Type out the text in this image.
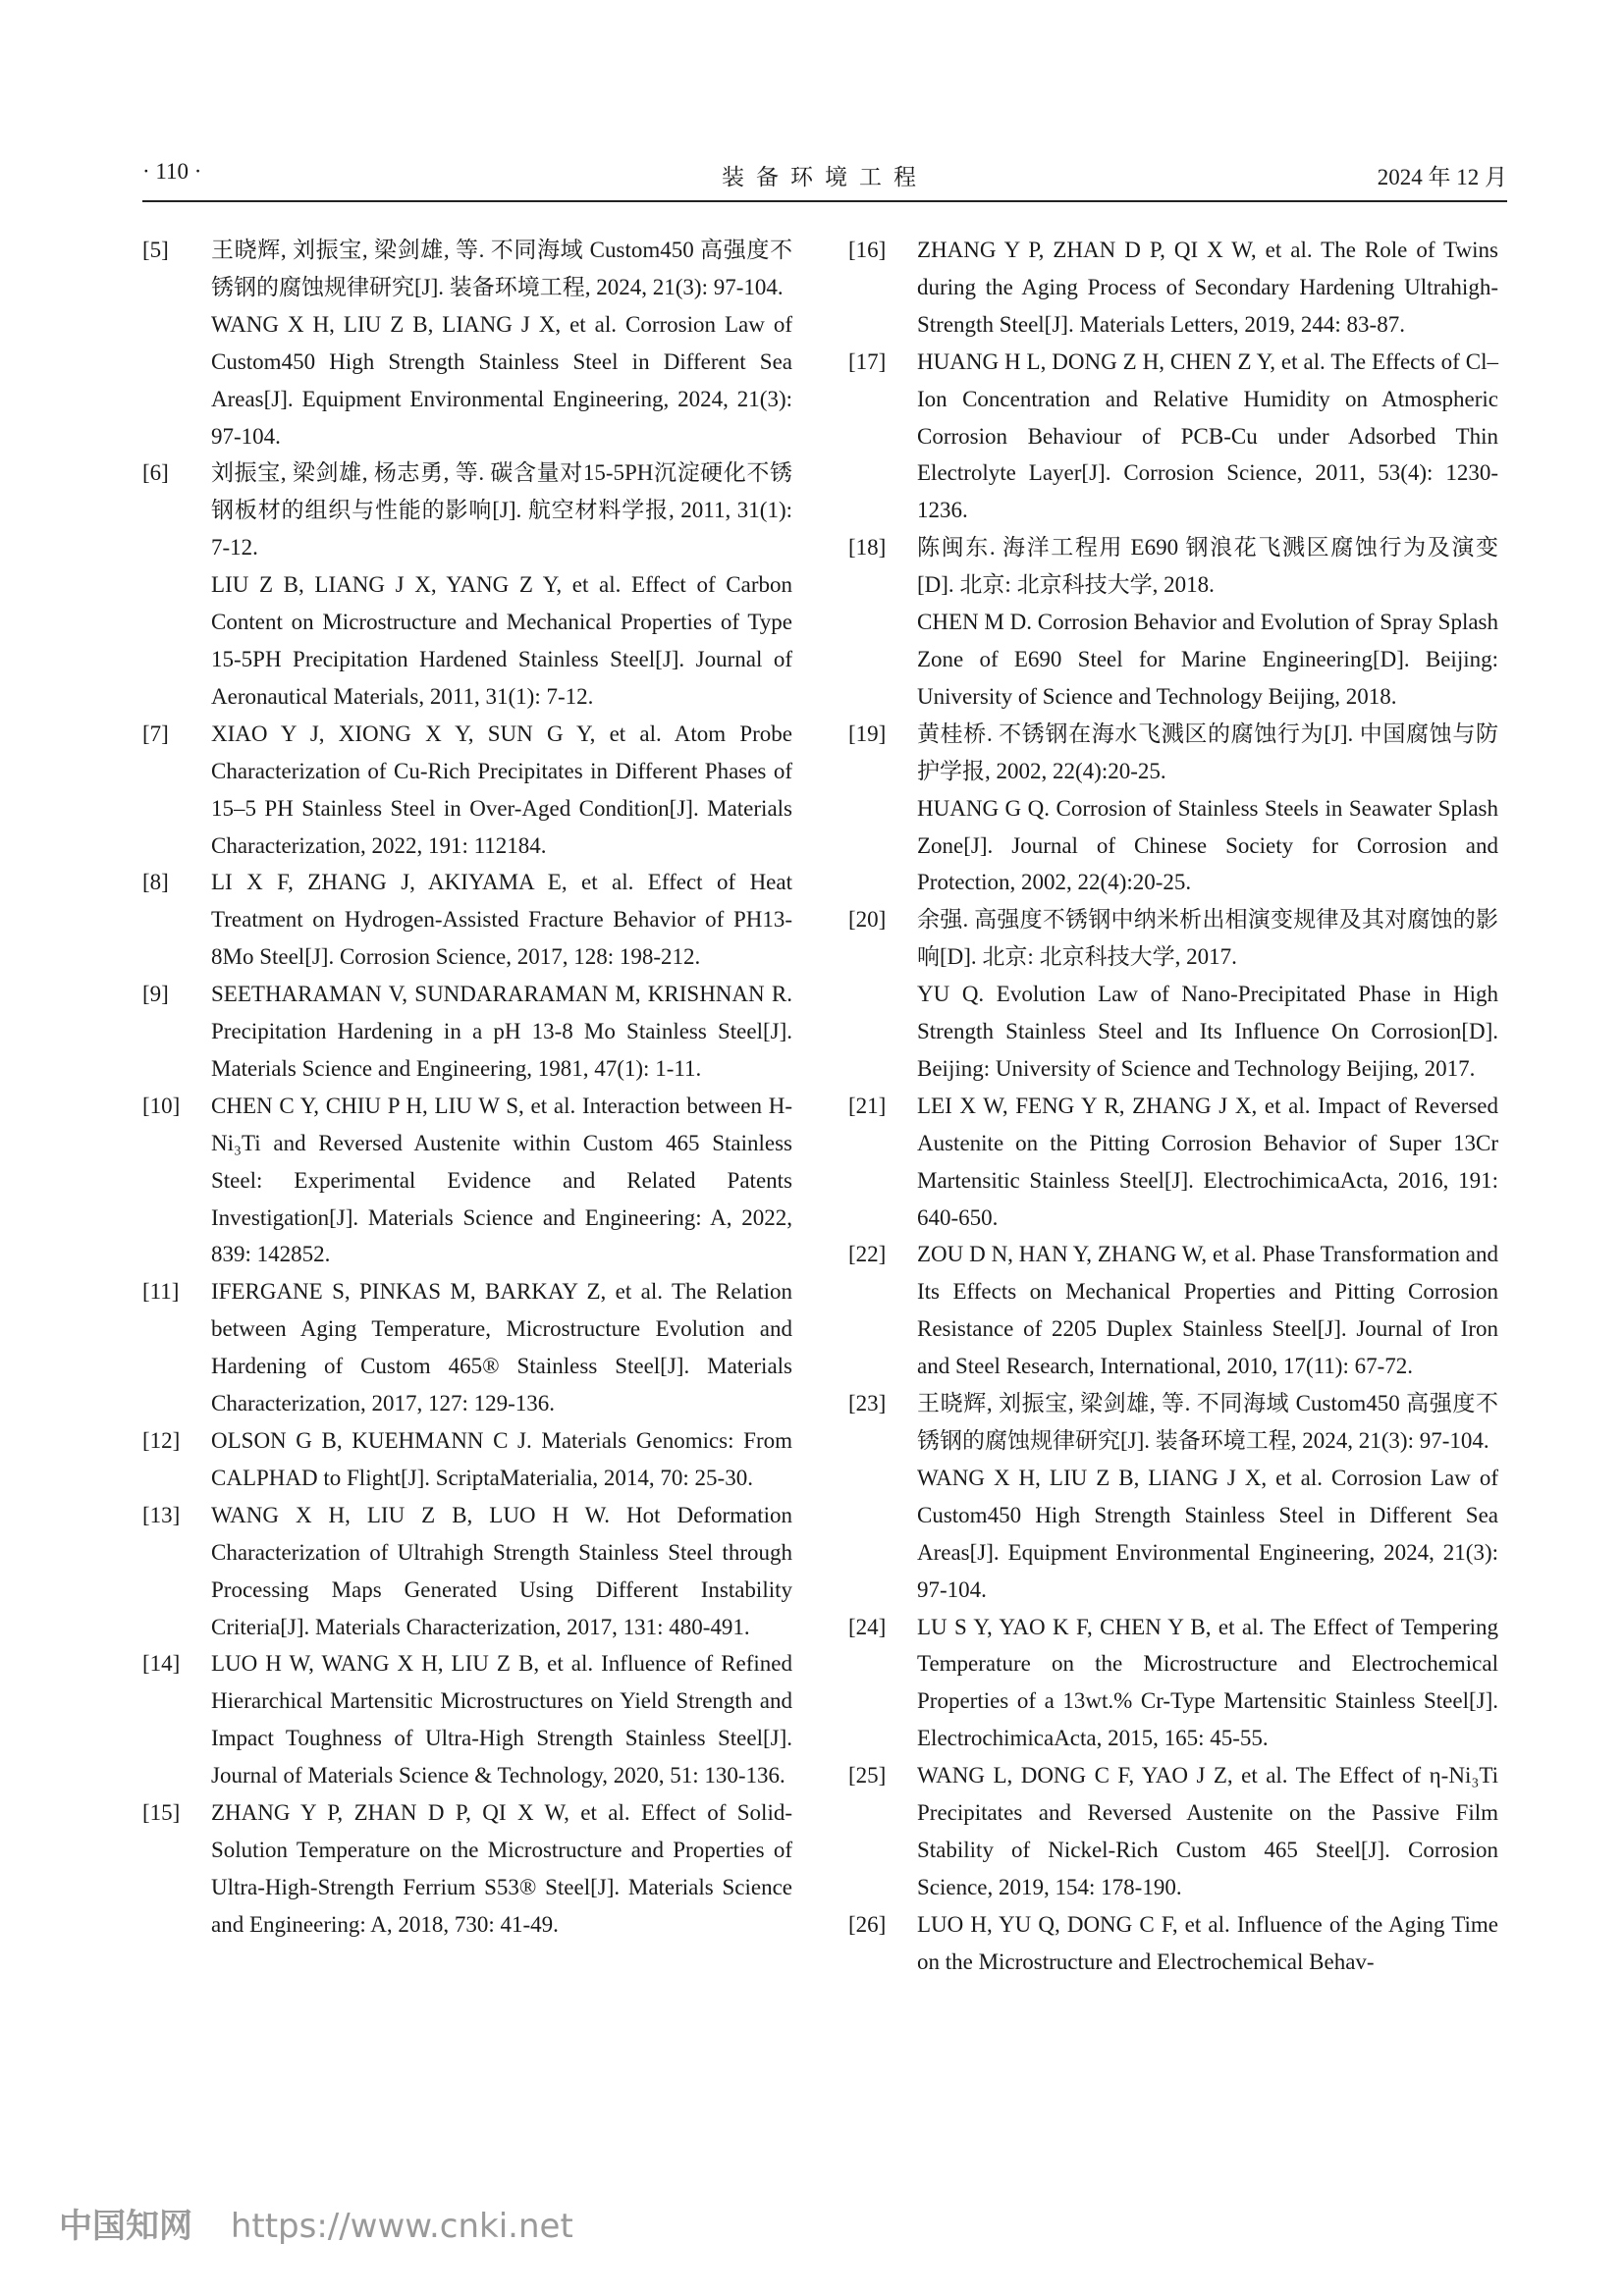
· 110 ·	装备环境工程	2024 年 12 月
[5] 王晓辉, 刘振宝, 梁剑雄, 等. 不同海域 Custom450 高强度不锈钢的腐蚀规律研究[J]. 装备环境工程, 2024, 21(3): 97-104.

WANG X H, LIU Z B, LIANG J X, et al. Corrosion Law of Custom450 High Strength Stainless Steel in Different Sea Areas[J]. Equipment Environmental Engineering, 2024, 21(3): 97-104.

[6] 刘振宝, 梁剑雄, 杨志勇, 等. 碳含量对15-5PH沉淀硬化不锈钢板材的组织与性能的影响[J]. 航空材料学报, 2011, 31(1): 7-12.

LIU Z B, LIANG J X, YANG Z Y, et al. Effect of Carbon Content on Microstructure and Mechanical Properties of Type 15-5PH Precipitation Hardened Stainless Steel[J]. Journal of Aeronautical Materials, 2011, 31(1): 7-12.

[7] XIAO Y J, XIONG X Y, SUN G Y, et al. Atom Probe Characterization of Cu-Rich Precipitates in Different Phases of 15–5 PH Stainless Steel in Over-Aged Condition[J]. Materials Characterization, 2022, 191: 112184.

[8] LI X F, ZHANG J, AKIYAMA E, et al. Effect of Heat Treatment on Hydrogen-Assisted Fracture Behavior of PH13-8Mo Steel[J]. Corrosion Science, 2017, 128: 198-212.

[9] SEETHARAMAN V, SUNDARARAMAN M, KRISHNAN R. Precipitation Hardening in a pH 13-8 Mo Stainless Steel[J]. Materials Science and Engineering, 1981, 47(1): 1-11.

[10] CHEN C Y, CHIU P H, LIU W S, et al. Interaction between H-Ni₃Ti and Reversed Austenite within Custom 465 Stainless Steel: Experimental Evidence and Related Patents Investigation[J]. Materials Science and Engineering: A, 2022, 839: 142852.

[11] IFERGANE S, PINKAS M, BARKAY Z, et al. The Relation between Aging Temperature, Microstructure Evolution and Hardening of Custom 465® Stainless Steel[J]. Materials Characterization, 2017, 127: 129-136.

[12] OLSON G B, KUEHMANN C J. Materials Genomics: From CALPHAD to Flight[J]. ScriptaMaterialia, 2014, 70: 25-30.

[13] WANG X H, LIU Z B, LUO H W. Hot Deformation Characterization of Ultrahigh Strength Stainless Steel through Processing Maps Generated Using Different Instability Criteria[J]. Materials Characterization, 2017, 131: 480-491.

[14] LUO H W, WANG X H, LIU Z B, et al. Influence of Refined Hierarchical Martensitic Microstructures on Yield Strength and Impact Toughness of Ultra-High Strength Stainless Steel[J]. Journal of Materials Science & Technology, 2020, 51: 130-136.

[15] ZHANG Y P, ZHAN D P, QI X W, et al. Effect of Solid-Solution Temperature on the Microstructure and Properties of Ultra-High-Strength Ferrium S53® Steel[J]. Materials Science and Engineering: A, 2018, 730: 41-49.

[16] ZHANG Y P, ZHAN D P, QI X W, et al. The Role of Twins during the Aging Process of Secondary Hardening Ultrahigh-Strength Steel[J]. Materials Letters, 2019, 244: 83-87.

[17] HUANG H L, DONG Z H, CHEN Z Y, et al. The Effects of Cl– Ion Concentration and Relative Humidity on Atmospheric Corrosion Behaviour of PCB-Cu under Adsorbed Thin Electrolyte Layer[J]. Corrosion Science, 2011, 53(4): 1230-1236.

[18] 陈闽东. 海洋工程用 E690 钢浪花飞溅区腐蚀行为及演变[D]. 北京: 北京科技大学, 2018.

CHEN M D. Corrosion Behavior and Evolution of Spray Splash Zone of E690 Steel for Marine Engineering[D]. Beijing: University of Science and Technology Beijing, 2018.

[19] 黄桂桥. 不锈钢在海水飞溅区的腐蚀行为[J]. 中国腐蚀与防护学报, 2002, 22(4):20-25.

HUANG G Q. Corrosion of Stainless Steels in Seawater Splash Zone[J]. Journal of Chinese Society for Corrosion and Protection, 2002, 22(4):20-25.

[20] 余强. 高强度不锈钢中纳米析出相演变规律及其对腐蚀的影响[D]. 北京: 北京科技大学, 2017.

YU Q. Evolution Law of Nano-Precipitated Phase in High Strength Stainless Steel and Its Influence On Corrosion[D]. Beijing: University of Science and Technology Beijing, 2017.

[21] LEI X W, FENG Y R, ZHANG J X, et al. Impact of Reversed Austenite on the Pitting Corrosion Behavior of Super 13Cr Martensitic Stainless Steel[J]. ElectrochimicaActa, 2016, 191: 640-650.

[22] ZOU D N, HAN Y, ZHANG W, et al. Phase Transformation and Its Effects on Mechanical Properties and Pitting Corrosion Resistance of 2205 Duplex Stainless Steel[J]. Journal of Iron and Steel Research, International, 2010, 17(11): 67-72.

[23] 王晓辉, 刘振宝, 梁剑雄, 等. 不同海域 Custom450 高强度不锈钢的腐蚀规律研究[J]. 装备环境工程, 2024, 21(3): 97-104.

WANG X H, LIU Z B, LIANG J X, et al. Corrosion Law of Custom450 High Strength Stainless Steel in Different Sea Areas[J]. Equipment Environmental Engineering, 2024, 21(3): 97-104.

[24] LU S Y, YAO K F, CHEN Y B, et al. The Effect of Tempering Temperature on the Microstructure and Electrochemical Properties of a 13wt.% Cr-Type Martensitic Stainless Steel[J]. ElectrochimicaActa, 2015, 165: 45-55.

[25] WANG L, DONG C F, YAO J Z, et al. The Effect of η-Ni₃Ti Precipitates and Reversed Austenite on the Passive Film Stability of Nickel-Rich Custom 465 Steel[J]. Corrosion Science, 2019, 154: 178-190.

[26] LUO H, YU Q, DONG C F, et al. Influence of the Aging Time on the Microstructure and Electrochemical Behav-

中国知网 https://www.cnki.net
